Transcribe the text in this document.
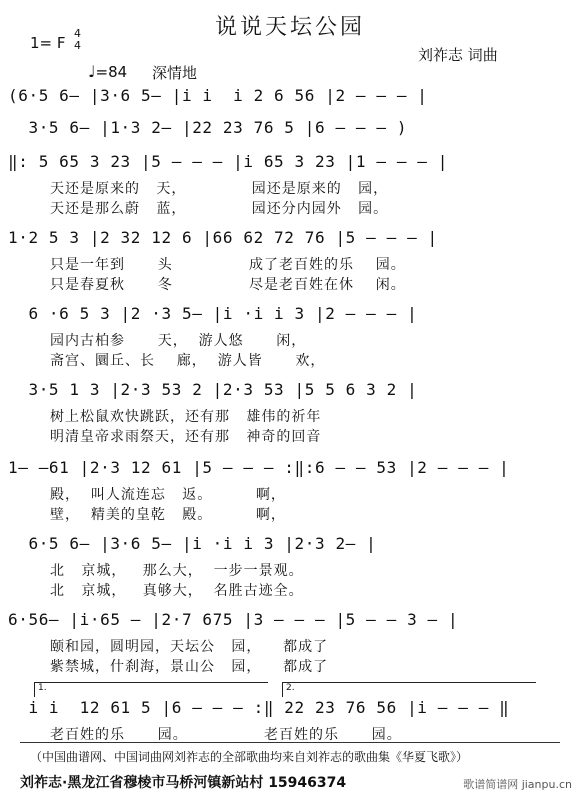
说说天坛公园
1= F
4
4
♩=84 深情地
刘祚志 词曲
(6·5 6— |3·6 5— |i i  i 2 6 56 |2 — — — |
3·5 6— |1·3 2— |22 23 76 5 |6 — — — )
‖: 5 65 3 23 |5 — — — |i 65 3 23 |1 — — — |
天还是原来的   天，            园还是原来的   园，
天还是那么蔚   蓝，            园还分内园外   园。
1·2 5 3 |2 32 12 6 |66 62 72 76 |5 — — — |
只是一年到      头              成了老百姓的乐    园。
只是春夏秋      冬              尽是老百姓在休    闲。
6 ·6 5 3 |2 ·3 5— |i ·i i 3 |2 — — — |
园内古柏参      天，  游人悠      闲，
斋宫、圜丘、长    廊，  游人皆      欢，
3·5 1 3 |2·3 53 2 |2·3 53 |5 5 6 3 2 |
树上松鼠欢快跳跃，还有那   雄伟的祈年
明清皇帝求雨祭天，还有那   神奇的回音
1— —61 |2·3 12 61 |5 — — — :‖:6 — — 53 |2 — — — |
殿，  叫人流连忘   返。        啊，
壁，  精美的皇乾   殿。        啊，
6·5 6— |3·6 5— |i ·i i 3 |2·3 2— |
北   京城，   那么大，  一步一景观。
北   京城，   真够大，  名胜古迹全。
6·56— |i·65 — |2·7 675 |3 — — — |5 — — 3 — |
颐和园，圆明园，天坛公   园，    都成了
紫禁城，什刹海，景山公   园，    都成了
1.	2.
i i  12 61 5 |6 — — — :‖ 22 23 76 56 |i — — — ‖
老百姓的乐      园。              老百姓的乐      园。
（中国曲谱网、中国词曲网刘祚志的全部歌曲均来自刘祚志的歌曲集《华夏飞歌》）
刘祚志·黑龙江省穆棱市马桥河镇新站村 15946374	歌谱简谱网 jianpu.cn
